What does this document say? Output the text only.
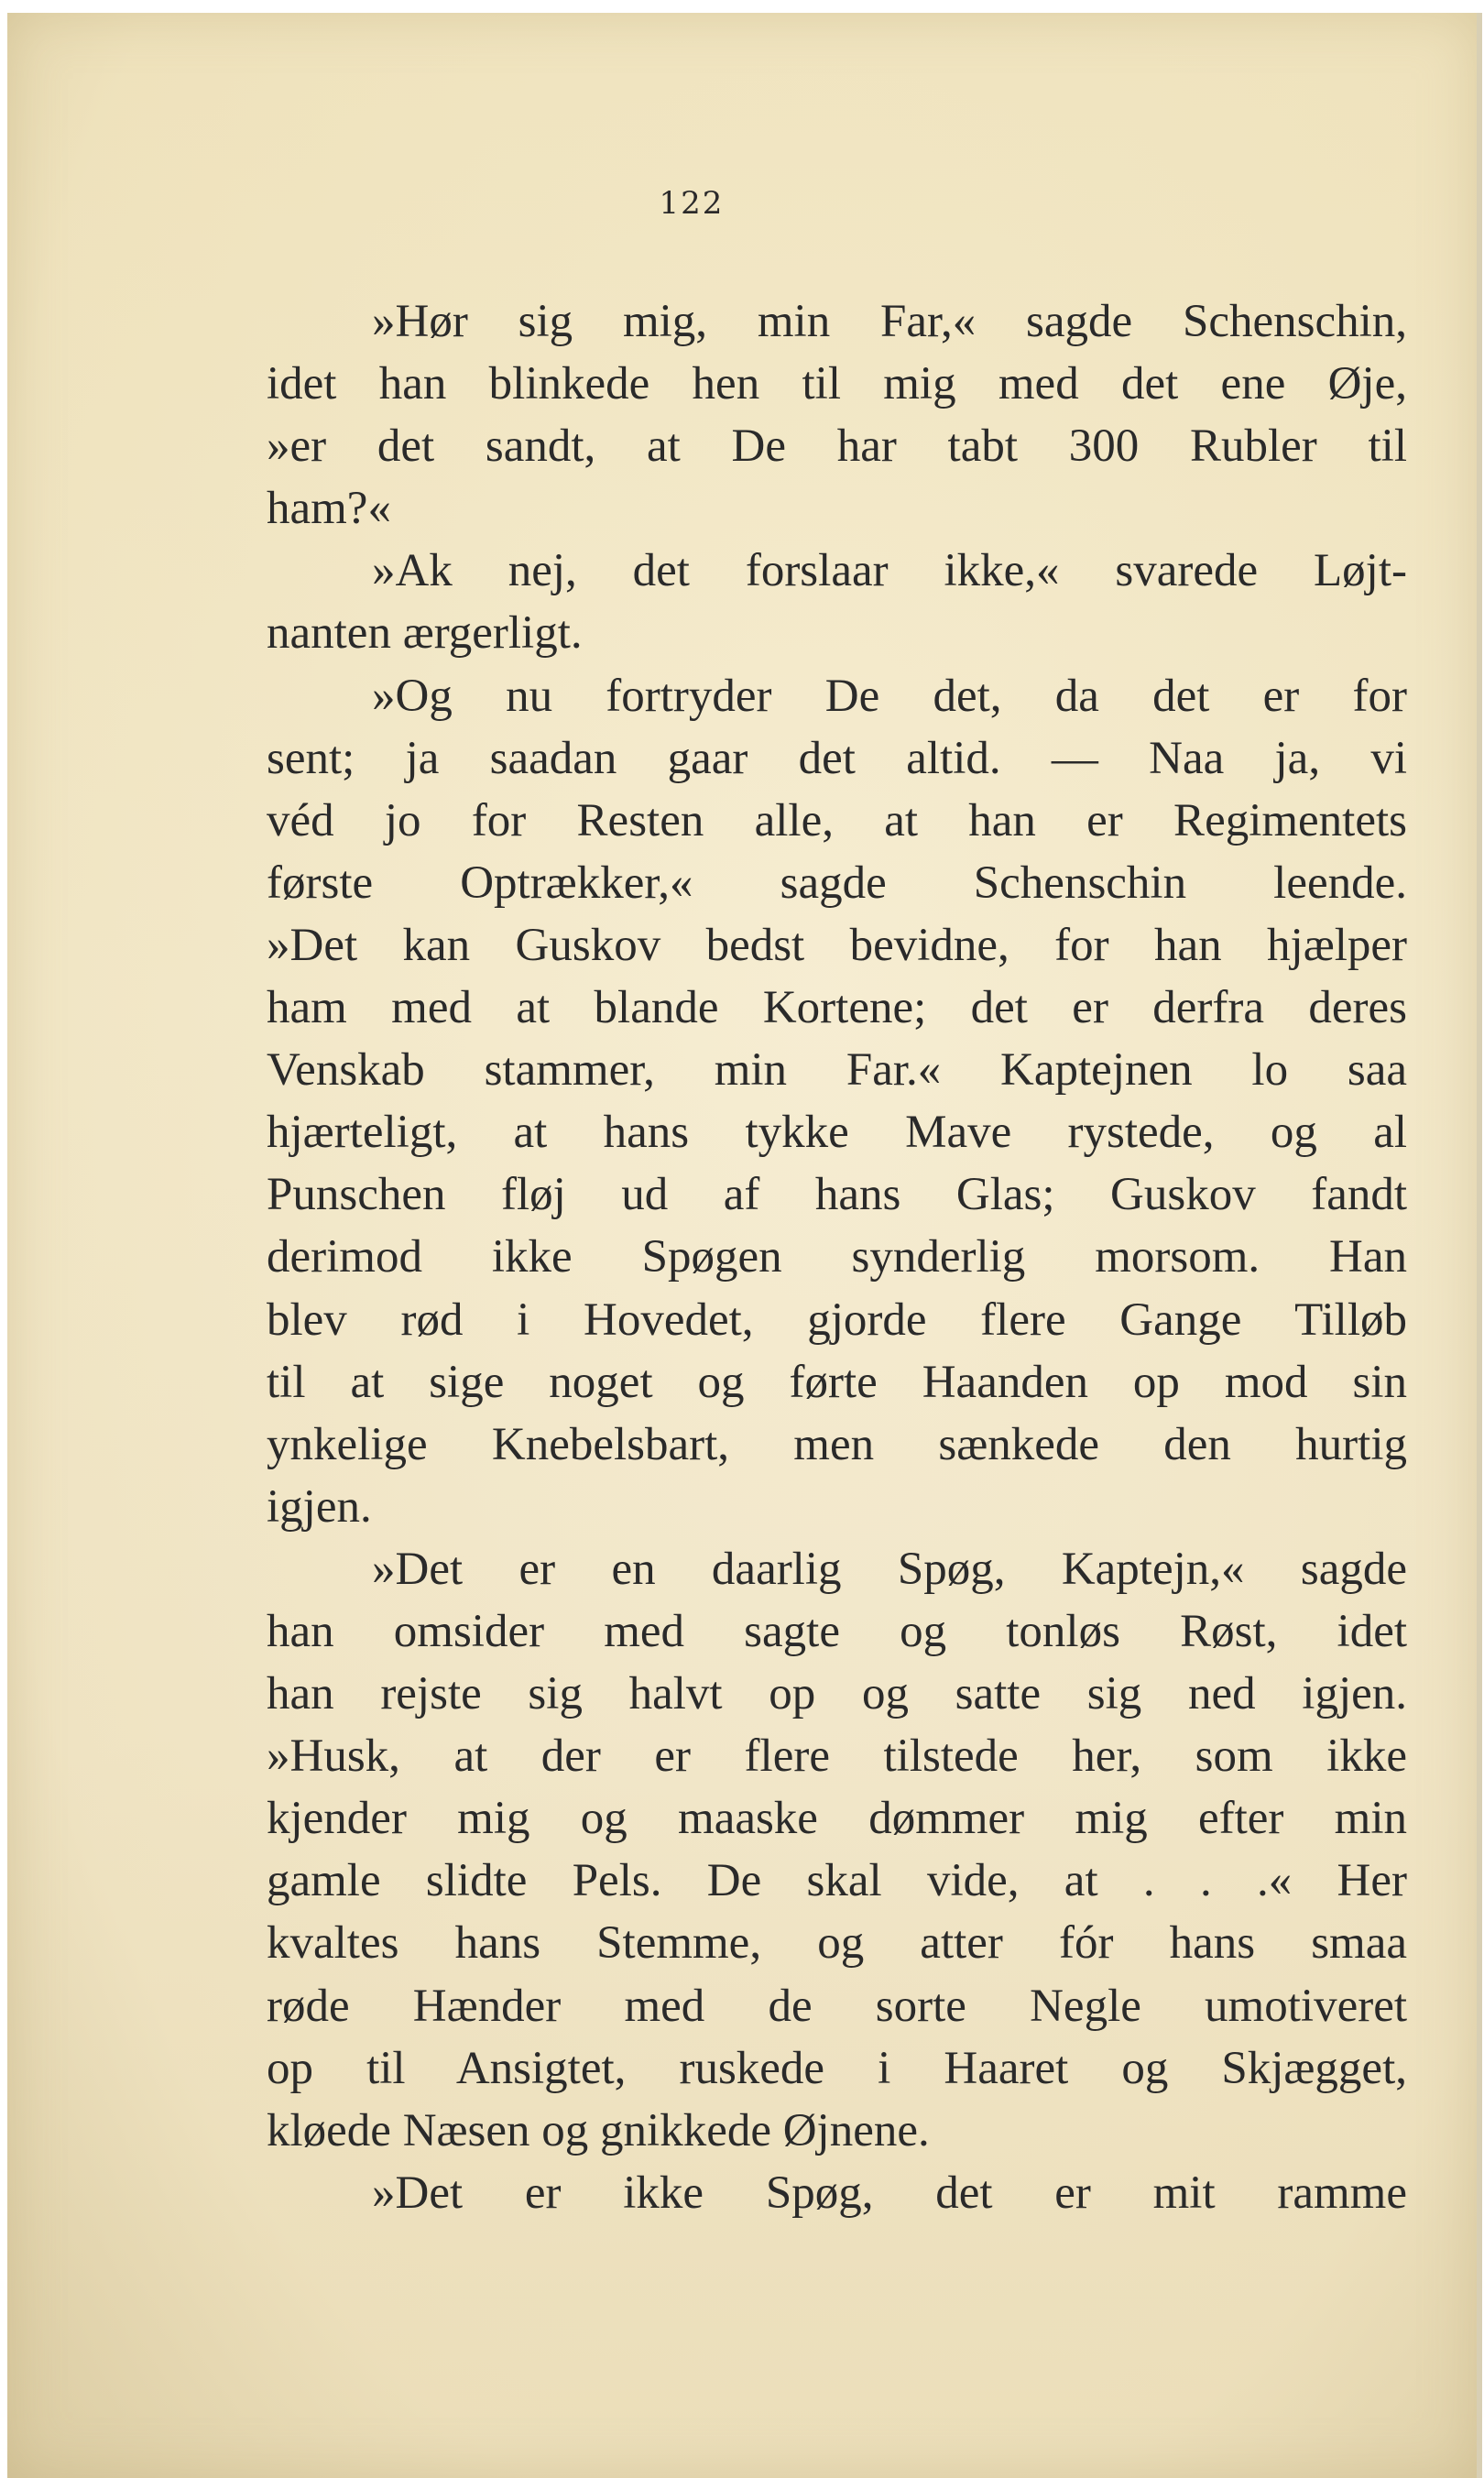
122
»Hør sig mig, min Far,« sagde Schenschin,
idet han blinkede hen til mig med det ene Øje,
»er det sandt, at De har tabt 300 Rubler til
ham?«
»Ak nej, det forslaar ikke,« svarede Løjt-
nanten ærgerligt.
»Og nu fortryder De det, da det er for
sent; ja saadan gaar det altid. — Naa ja, vi
véd jo for Resten alle, at han er Regimentets
første Optrækker,« sagde Schenschin leende.
»Det kan Guskov bedst bevidne, for han hjælper
ham med at blande Kortene; det er derfra deres
Venskab stammer, min Far.« Kaptejnen lo saa
hjærteligt, at hans tykke Mave rystede, og al
Punschen fløj ud af hans Glas; Guskov fandt
derimod ikke Spøgen synderlig morsom. Han
blev rød i Hovedet, gjorde flere Gange Tilløb
til at sige noget og førte Haanden op mod sin
ynkelige Knebelsbart, men sænkede den hurtig
igjen.
»Det er en daarlig Spøg, Kaptejn,« sagde
han omsider med sagte og tonløs Røst, idet
han rejste sig halvt op og satte sig ned igjen.
»Husk, at der er flere tilstede her, som ikke
kjender mig og maaske dømmer mig efter min
gamle slidte Pels. De skal vide, at . . .« Her
kvaltes hans Stemme, og atter fór hans smaa
røde Hænder med de sorte Negle umotiveret
op til Ansigtet, ruskede i Haaret og Skjægget,
kløede Næsen og gnikkede Øjnene.
»Det er ikke Spøg, det er mit ramme
